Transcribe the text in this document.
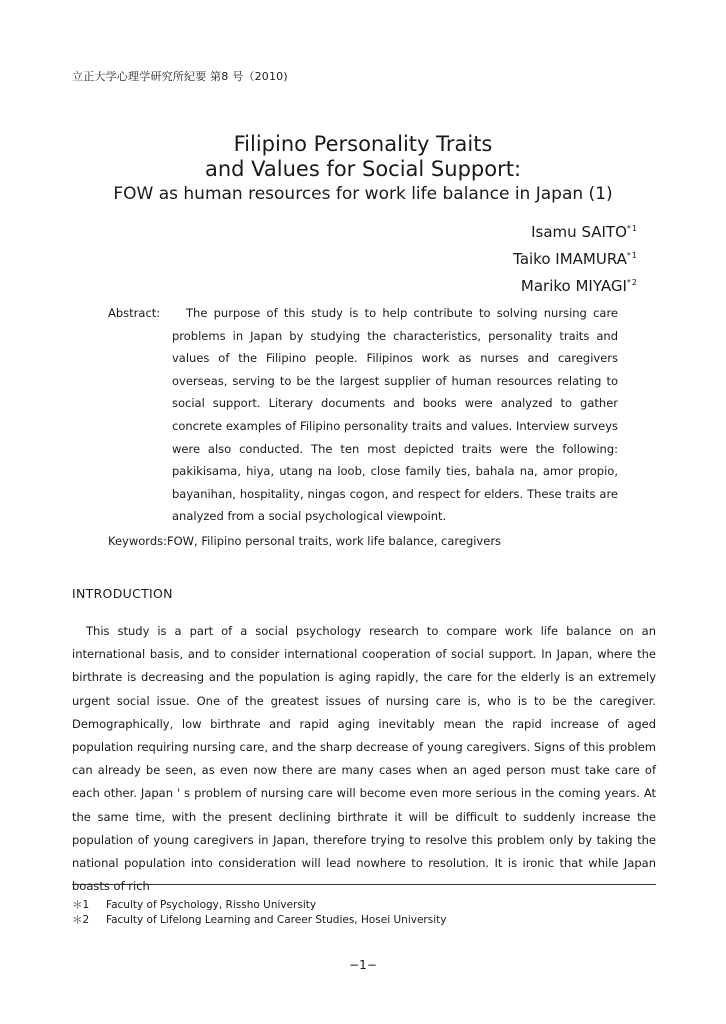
立正大学心理学研究所紀要 第8 号（2010)
Filipino Personality Traits
and Values for Social Support:
FOW as human resources for work life balance in Japan (1)
Isamu SAITO$^{*1}$
Taiko IMAMURA$^{*1}$
Mariko MIYAGI$^{*2}$
Abstract:	The purpose of this study is to help contribute to solving nursing care problems in Japan by studying the characteristics, personality traits and values of the Filipino people. Filipinos work as nurses and caregivers overseas, serving to be the largest supplier of human resources relating to social support. Literary documents and books were analyzed to gather concrete examples of Filipino personality traits and values. Interview surveys were also conducted. The ten most depicted traits were the following: pakikisama, hiya, utang na loob, close family ties, bahala na, amor propio, bayanihan, hospitality, ningas cogon, and respect for elders. These traits are analyzed from a social psychological viewpoint.
Keywords: FOW, Filipino personal traits, work life balance, caregivers
INTRODUCTION
This study is a part of a social psychology research to compare work life balance on an international basis, and to consider international cooperation of social support. In Japan, where the birthrate is decreasing and the population is aging rapidly, the care for the elderly is an extremely urgent social issue. One of the greatest issues of nursing care is, who is to be the caregiver. Demographically, low birthrate and rapid aging inevitably mean the rapid increase of aged population requiring nursing care, and the sharp decrease of young caregivers. Signs of this problem can already be seen, as even now there are many cases when an aged person must take care of each other. Japan ' s problem of nursing care will become even more serious in the coming years. At the same time, with the present declining birthrate it will be difficult to suddenly increase the population of young caregivers in Japan, therefore trying to resolve this problem only by taking the national population into consideration will lead nowhere to resolution. It is ironic that while Japan boasts of rich
＊1	Faculty of Psychology, Rissho University
＊2	Faculty of Lifelong Learning and Career Studies, Hosei University
−1−
